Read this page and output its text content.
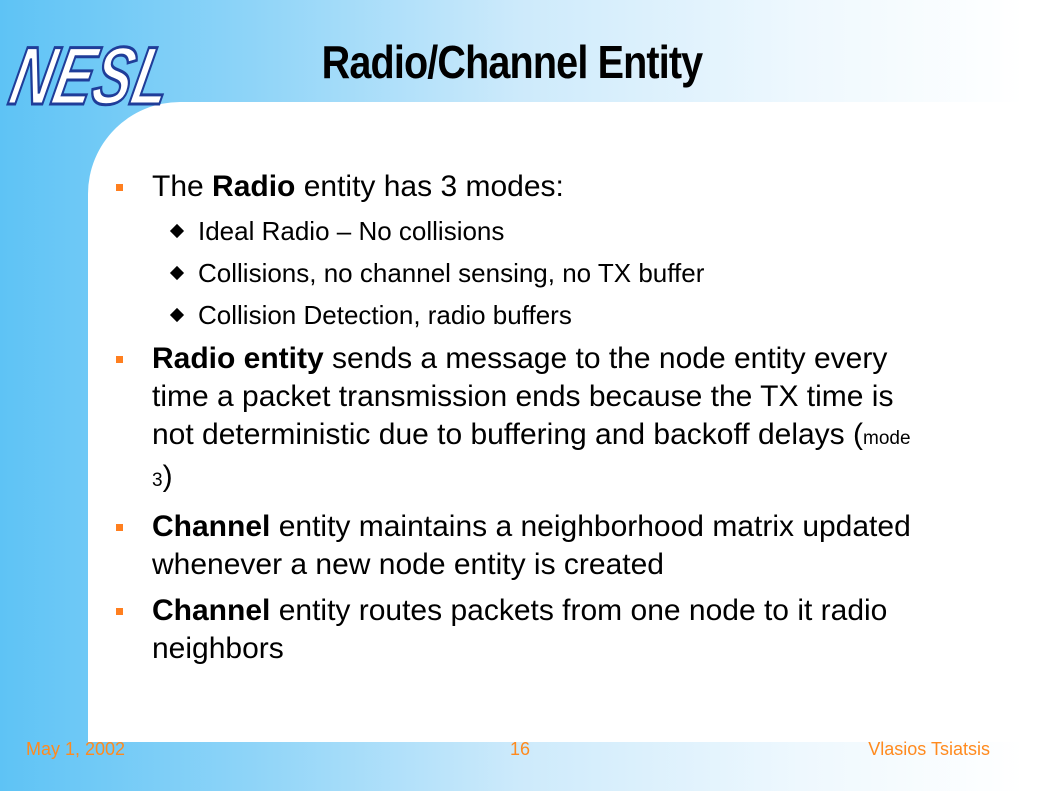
NESL	Radio/Channel Entity
The Radio entity has 3 modes:
Ideal Radio – No collisions
Collisions, no channel sensing, no TX buffer
Collision Detection, radio buffers
Radio entity sends a message to the node entity every time a packet transmission ends because the TX time is not deterministic due to buffering and backoff delays (mode 3)
Channel entity maintains a neighborhood matrix updated whenever a new node entity is created
Channel entity routes packets from one node to it radio neighbors
May 1, 2002	16	Vlasios Tsiatsis
